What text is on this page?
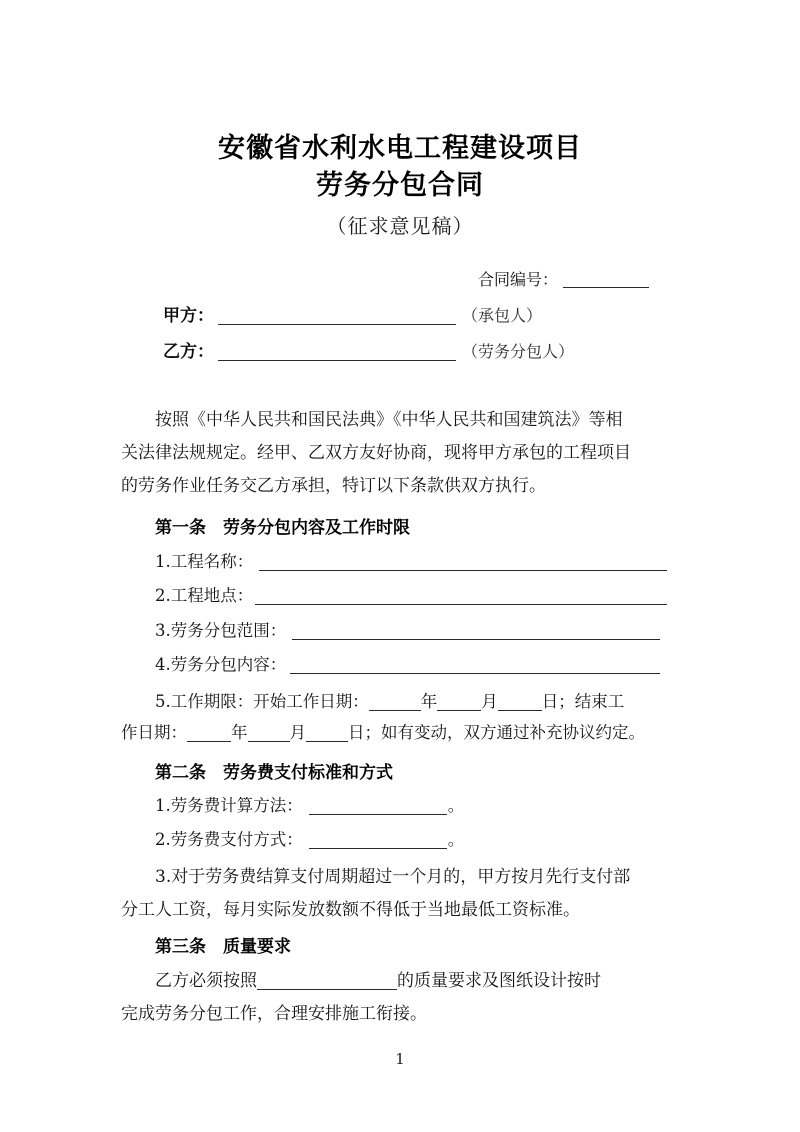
安徽省水利水电工程建设项目
劳务分包合同
（征求意见稿）
合同编号：
甲方：	（承包人）
乙方：	（劳务分包人）
按照《中华人民共和国民法典》《中华人民共和国建筑法》等相
关法律法规规定。经甲、乙双方友好协商，现将甲方承包的工程项目
的劳务作业任务交乙方承担，特订以下条款供双方执行。
第一条　劳务分包内容及工作时限
1.工程名称：
2.工程地点：
3.劳务分包范围：
4.劳务分包内容：
5.工作期限：开始工作日期：	年	月	日；结束工
作日期：	年	月	日；如有变动，双方通过补充协议约定。
第二条　劳务费支付标准和方式
1.劳务费计算方法：	。
2.劳务费支付方式：	。
3.对于劳务费结算支付周期超过一个月的，甲方按月先行支付部
分工人工资，每月实际发放数额不得低于当地最低工资标准。
第三条　质量要求
乙方必须按照	的质量要求及图纸设计按时
完成劳务分包工作，合理安排施工衔接。
1
